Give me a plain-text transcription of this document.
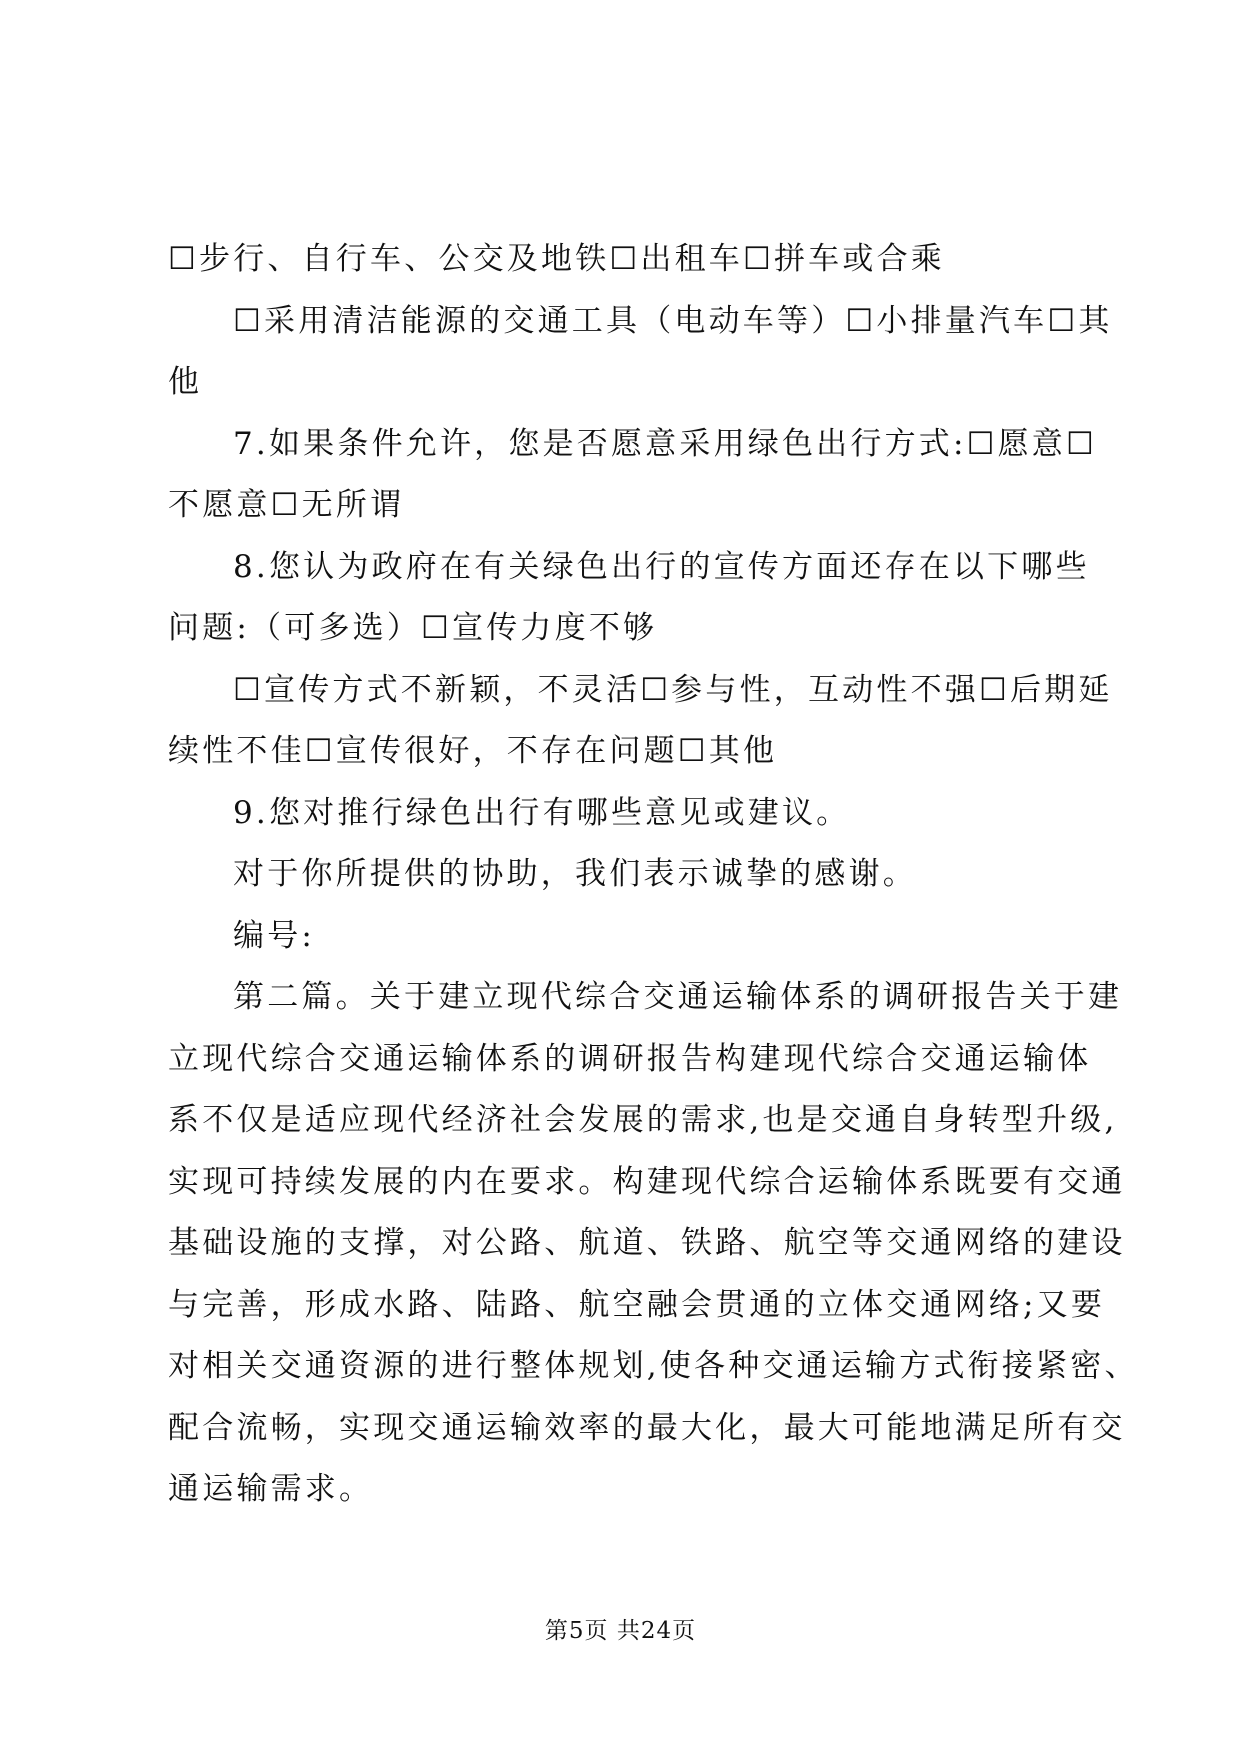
☐步行、自行车、公交及地铁☐出租车☐拼车或合乘
☐采用清洁能源的交通工具（电动车等）☐小排量汽车☐其
他
7.如果条件允许，您是否愿意采用绿色出行方式:☐愿意☐
不愿意☐无所谓
8.您认为政府在有关绿色出行的宣传方面还存在以下哪些
问题:（可多选）☐宣传力度不够
☐宣传方式不新颖，不灵活☐参与性，互动性不强☐后期延
续性不佳☐宣传很好，不存在问题☐其他
9.您对推行绿色出行有哪些意见或建议。
对于你所提供的协助，我们表示诚挚的感谢。
编号:
第二篇。关于建立现代综合交通运输体系的调研报告关于建
立现代综合交通运输体系的调研报告构建现代综合交通运输体
系不仅是适应现代经济社会发展的需求,也是交通自身转型升级,
实现可持续发展的内在要求。构建现代综合运输体系既要有交通
基础设施的支撑，对公路、航道、铁路、航空等交通网络的建设
与完善，形成水路、陆路、航空融会贯通的立体交通网络;又要
对相关交通资源的进行整体规划,使各种交通运输方式衔接紧密、
配合流畅，实现交通运输效率的最大化，最大可能地满足所有交
通运输需求。
第5页 共24页
